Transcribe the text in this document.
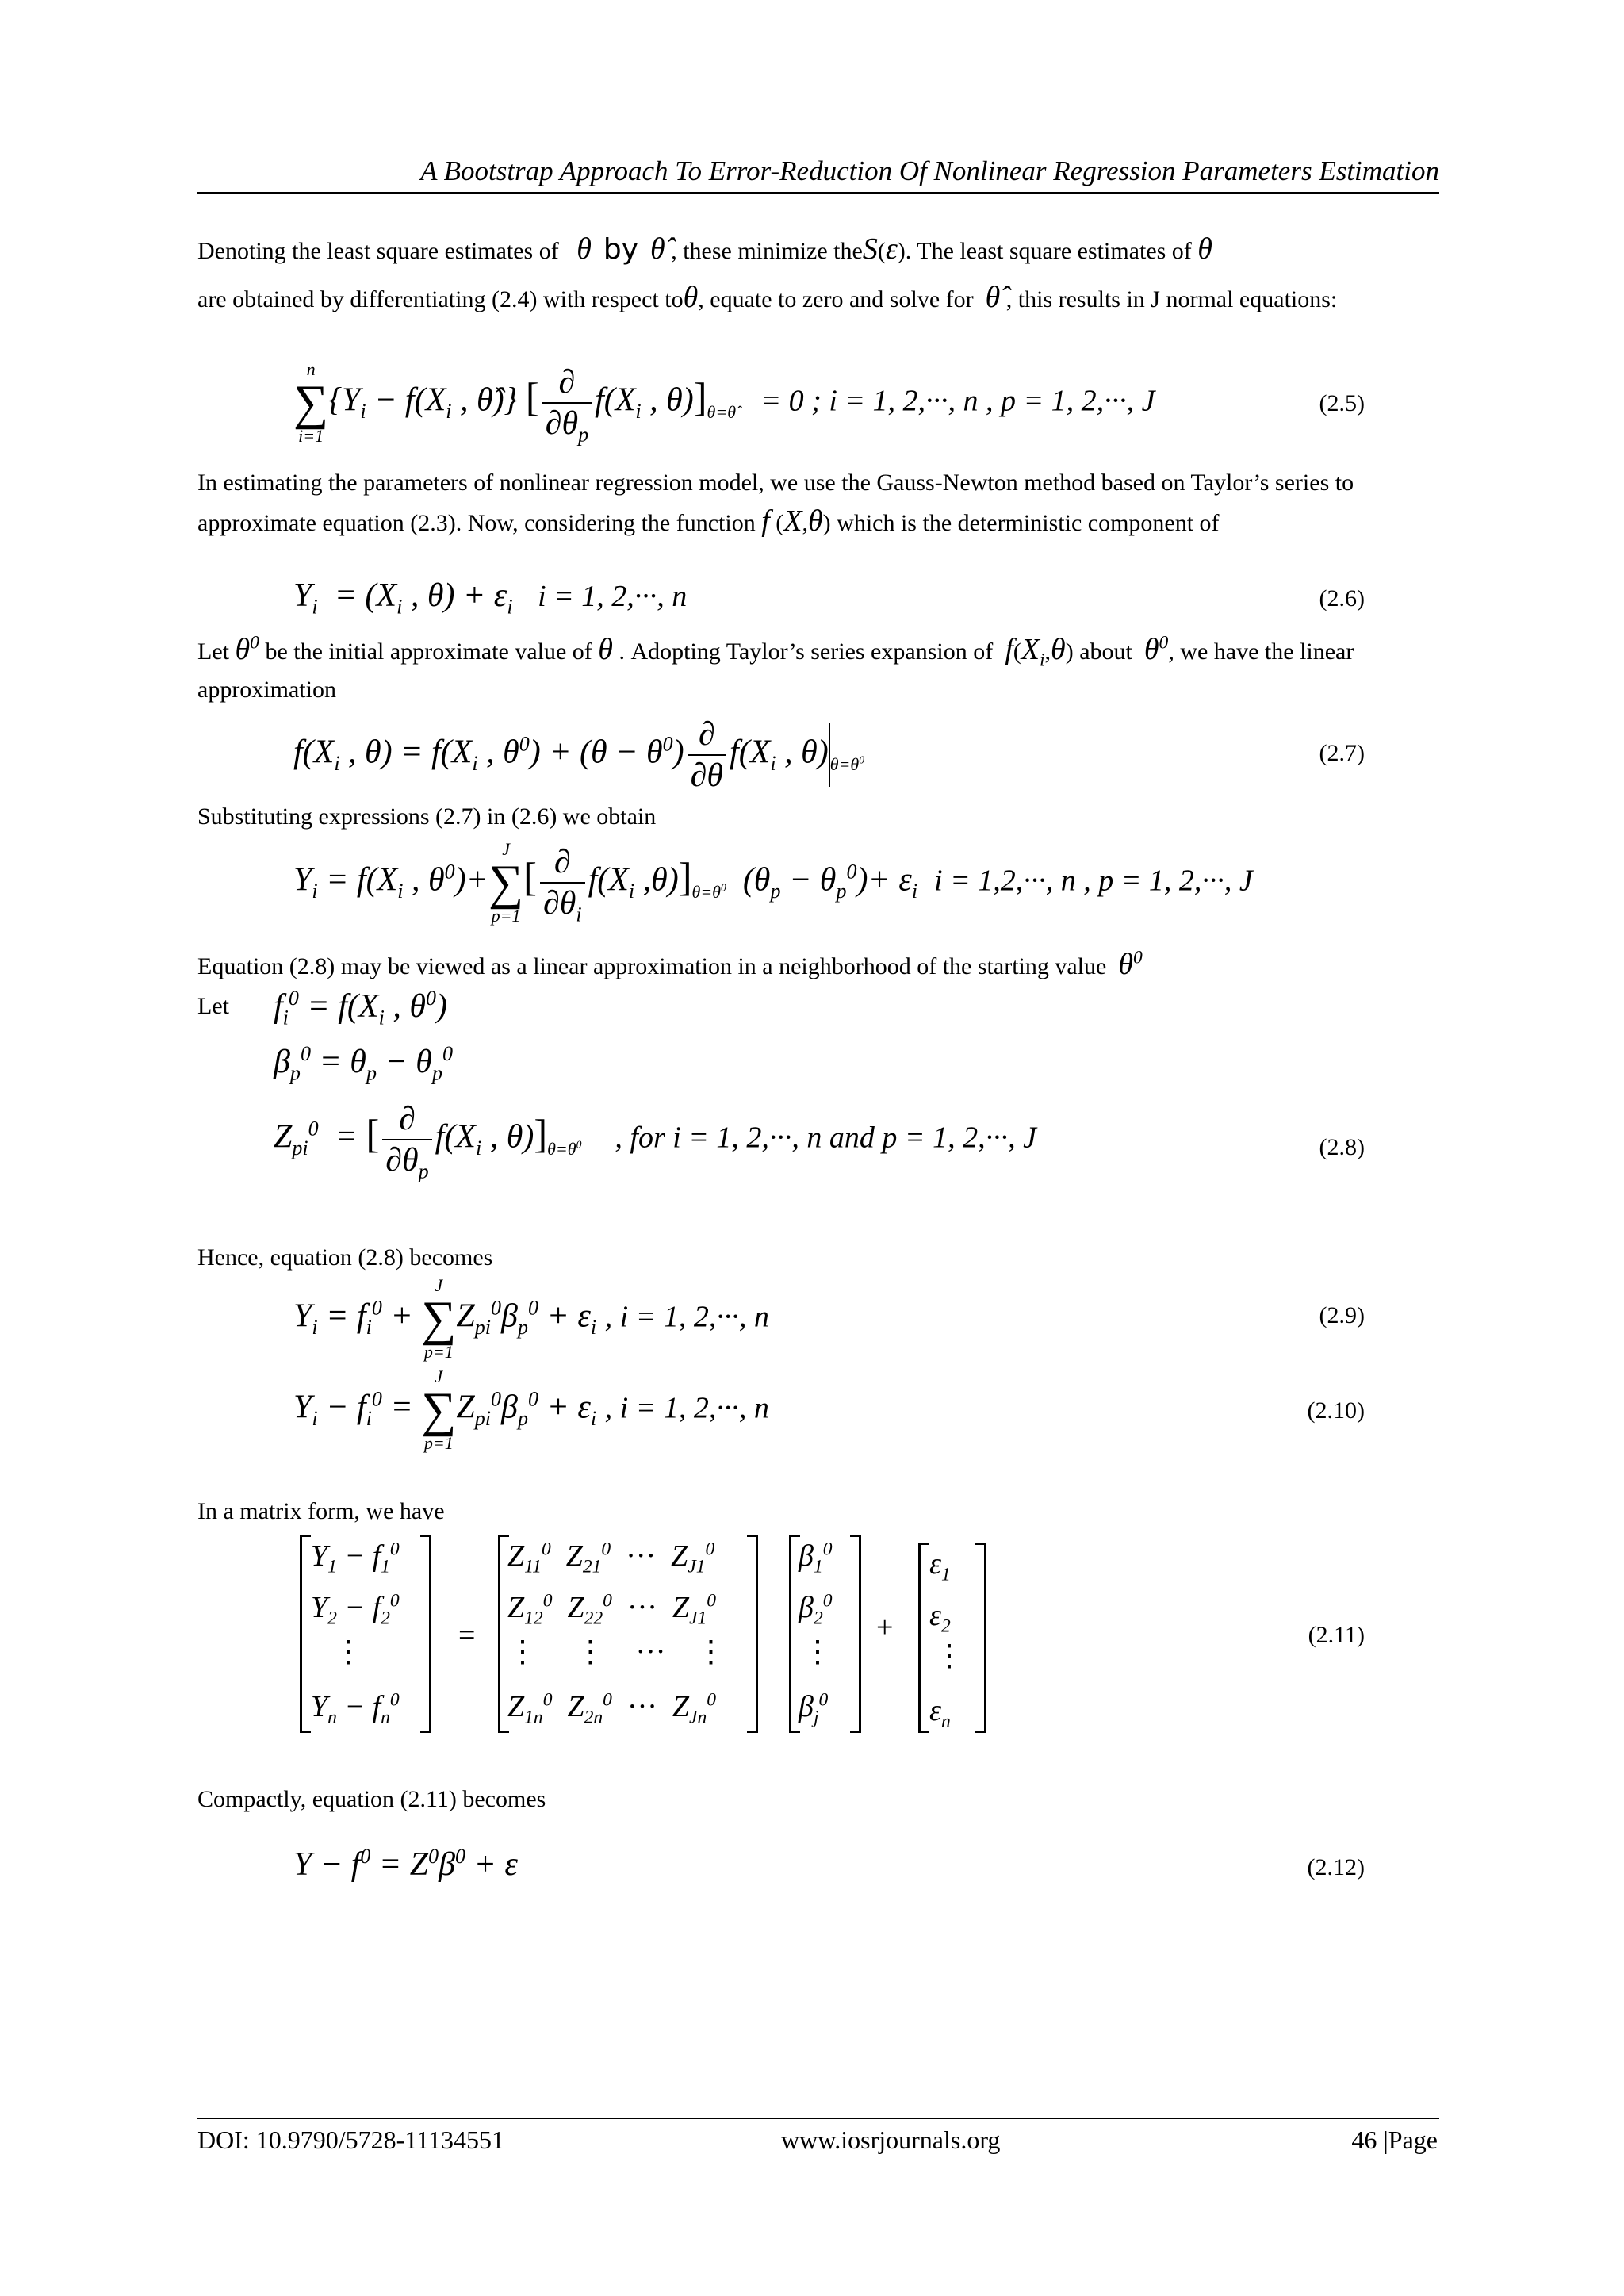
A Bootstrap Approach To Error-Reduction Of Nonlinear Regression Parameters Estimation
Denoting the least square estimates of θ by θ̂ , these minimize theS(ε). The least square estimates of θ
are obtained by differentiating (2.4) with respect toθ, equate to zero and solve for θ̂ , this results in J normal equations:
n
∑
i=1
{$Y_i - f(X_i$ , θ̂)} [ $\frac{\partial}{\partial\theta_p} f(X_i$ , $\theta)]_{\theta=\thetâ} = 0$ ; i = 1, 2,···, n , p = 1, 2,···, J	(2.5)
In estimating the parameters of nonlinear regression model, we use the Gauss-Newton method based on Taylor’s series to approximate equation (2.3). Now, considering the function f (X,θ) which is the deterministic component of
$Y_i = (X_i$ , $\theta) + \varepsilon_i$ i = 1, 2,···, n	(2.6)
Let $\theta^0$ be the initial approximate value of θ . Adopting Taylor’s series expansion of $f(X_i,\theta)$ about $\theta^0$, we have the linear approximation
$f(X_i$ , $\theta) = f(X_i$ , $\theta^0) + (\theta - \theta^0) \frac{\partial}{\partial\theta} f(X_i$ , $\theta)_{\theta=\theta^0}$	(2.7)
Substituting expressions (2.7) in (2.6) we obtain
$Y_i = f(X_i$ , $\theta^0)+$
J
∑
p=1
[ $\frac{\partial}{\partial\theta_i} f(X_i$ $,\theta)]_{\theta=\theta^0}$  $(\theta_p - \theta_p^0)+ \varepsilon_i$ i = 1,2,···, n , p = 1, 2,···, J
Equation (2.8) may be viewed as a linear approximation in a neighborhood of the starting value $\theta^0$
Let $f_i^0 = f(X_i$ , $\theta^0$)
$\beta_p^0 = \theta_p - \theta_p^0$
$Z_{pi}^0$  = [ $\frac{\partial}{\partial\theta_p} f(X_i$ , $\theta)]_{\theta=\theta^0}$ , for i = 1, 2,···, n and p = 1, 2,···, J	(2.8)
Hence, equation (2.8) becomes
$Y_i = f_i^0$ +
J
∑
p=1
$Z_{pi}^0\beta_p^0 + \varepsilon_i$ , i = 1, 2,···, n	(2.9)
$Y_i - f_i^0$ =
J
∑
p=1
$Z_{pi}^0\beta_p^0 + \varepsilon_i$ , i = 1, 2,···, n	(2.10)
In a matrix form, we have
$Y_1 - f_1^0$
$Y_2 - f_2^0$
⋮
$Y_n - f_n^0$
=
$Z_{11}^0$  $Z_{21}^0$ ···  $Z_{J1}^0$
$Z_{12}^0$  $Z_{22}^0$ ···  $Z_{J1}^0$
⋮     ⋮    ···    ⋮
$Z_{1n}^0$  $Z_{2n}^0$ ···  $Z_{Jn}^0$
$\beta_1^0$
$\beta_2^0$
⋮
$\beta_j^0$
+
$\varepsilon_1$
$\varepsilon_2$
⋮
$\varepsilon_n$
(2.11)
Compactly, equation (2.11) becomes
$Y - f^0 = Z^0\beta^0 + \varepsilon$	(2.12)
DOI: 10.9790/5728-11134551	www.iosrjournals.org	46 |Page
